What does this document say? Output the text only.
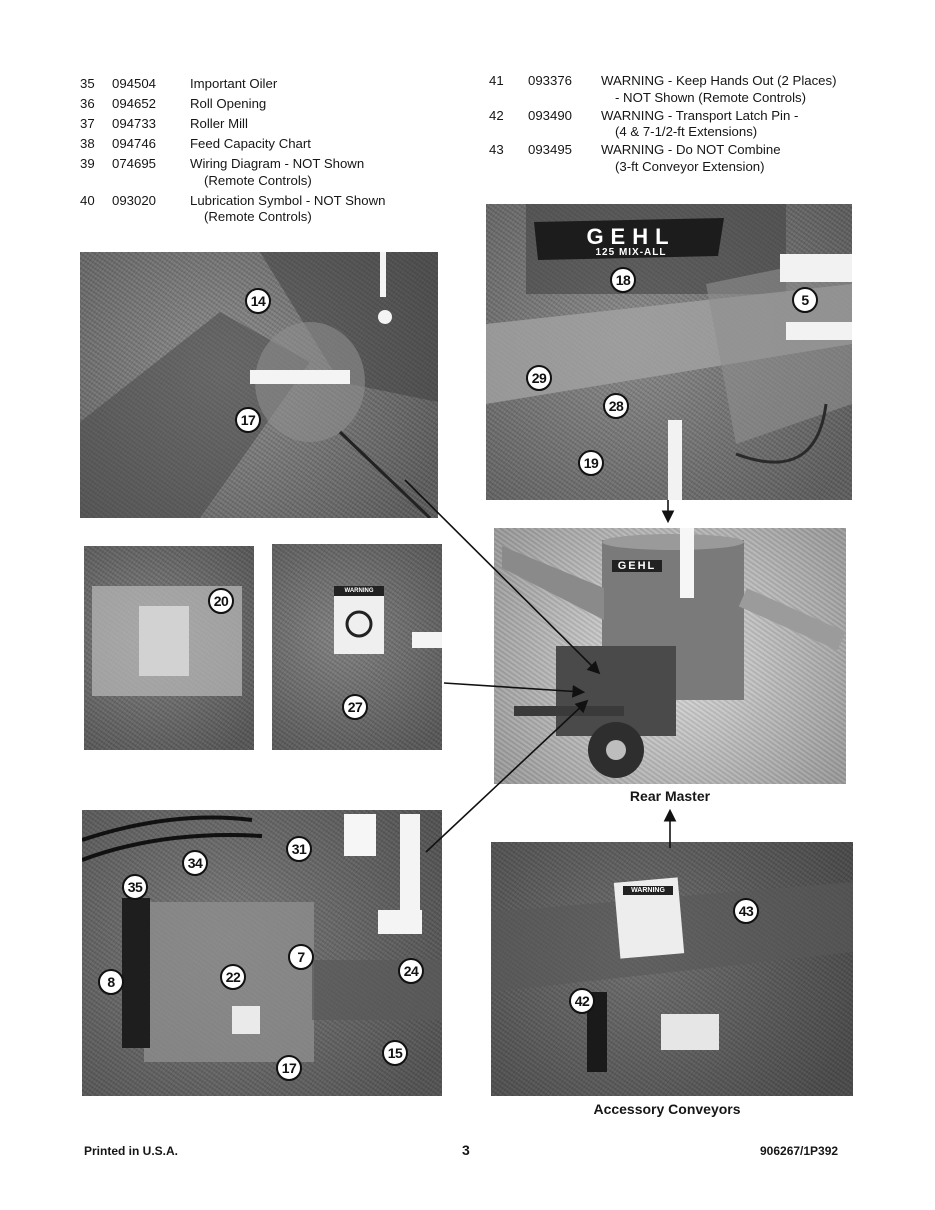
35 094504	Important Oiler
36 094652	Roll Opening
37 094733	Roller Mill
38 094746	Feed Capacity Chart
39 074695	Wiring Diagram - NOT Shown
(Remote Controls)
40 093020	Lubrication Symbol - NOT Shown
(Remote Controls)
41 093376 WARNING - Keep Hands Out (2 Places)
- NOT Shown (Remote Controls)
42 093490 WARNING - Transport Latch Pin -
(4 & 7-1/2-ft Extensions)
43 093495 WARNING - Do NOT Combine
(3-ft Conveyor Extension)
14
17
GEHL
125 MIX-ALL
18
5
29
28
19
20
WARNING
27
GEHL
Rear Master
31
34
35
8	22
7
24
15
17
WARNING
43
42
Accessory Conveyors
Printed in U.S.A.	3	906267/1P392
